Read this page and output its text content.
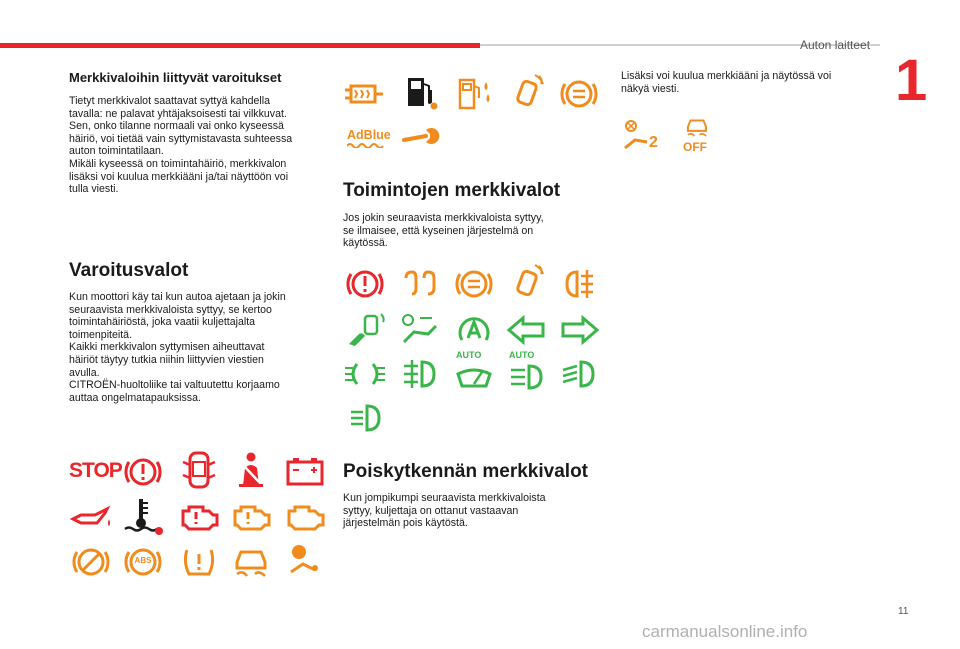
Auton laitteet
1
11
carmanualsonline.info
Merkkivaloihin liittyvät varoitukset

Tietyt merkkivalot saattavat syttyä kahdella
tavalla: ne palavat yhtäjaksoisesti tai vilkkuvat.
Sen, onko tilanne normaali vai onko kyseessä
häiriö, voi tietää vain syttymistavasta suhteessa
auton toimintatilaan.
Mikäli kyseessä on toimintahäiriö, merkkivalon
lisäksi voi kuulua merkkiääni ja/tai näyttöön voi
tulla viesti.

Varoitusvalot

Kun moottori käy tai kun autoa ajetaan ja jokin
seuraavista merkkivaloista syttyy, se kertoo
toimintahäiriöstä, joka vaatii kuljettajalta
toimenpiteitä.
Kaikki merkkivalon syttymisen aiheuttavat
häiriöt täytyy tutkia niihin liittyvien viestien
avulla.
CITROËN-huoltoliike tai valtuutettu korjaamo
auttaa ongelmatapauksissa.

STOP
ABS
AdBlue
Toimintojen merkkivalot

Jos jokin seuraavista merkkivaloista syttyy,
se ilmaisee, että kyseinen järjestelmä on
käytössä.

AUTO	AUTO
Poiskytkennän merkkivalot

Kun jompikumpi seuraavista merkkivaloista
syttyy, kuljettaja on ottanut vastaavan
järjestelmän pois käytöstä.

Lisäksi voi kuulua merkkiääni ja näytössä voi
näkyä viesti.

2 OFF
